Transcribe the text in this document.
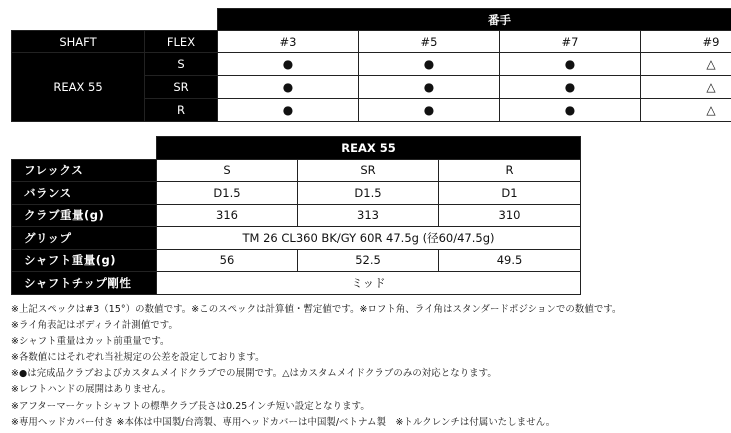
		番手			
SHAFT	FLEX	#3	#5	#7	#9
REAX 55	S	●	●	●	△
	SR	●	●	●	△
	R	●	●	●	△
	REAX 55		
フレックス	S	SR	R
バランス	D1.5	D1.5	D1
クラブ重量(g)	316	313	310
グリップ	TM 26 CL360 BK/GY 60R 47.5g (径60/47.5g)		
シャフト重量(g)	56	52.5	49.5
シャフトチップ剛性	ミッド		
※上記スペックは#3（15°）の数値です。※このスペックは計算値・暫定値です。※ロフト角、ライ角はスタンダードポジションでの数値です。
※ライ角表記はボディライ計測値です。
※シャフト重量はカット前重量です。
※各数値にはそれぞれ当社規定の公差を設定しております。
※●は完成品クラブおよびカスタムメイドクラブでの展開です。△はカスタムメイドクラブのみの対応となります。
※レフトハンドの展開はありません。
※アフターマーケットシャフトの標準クラブ長さは0.25インチ短い設定となります。
※専用ヘッドカバー付き ※本体は中国製/台湾製、専用ヘッドカバーは中国製/ベトナム製　※トルクレンチは付属いたしません。
